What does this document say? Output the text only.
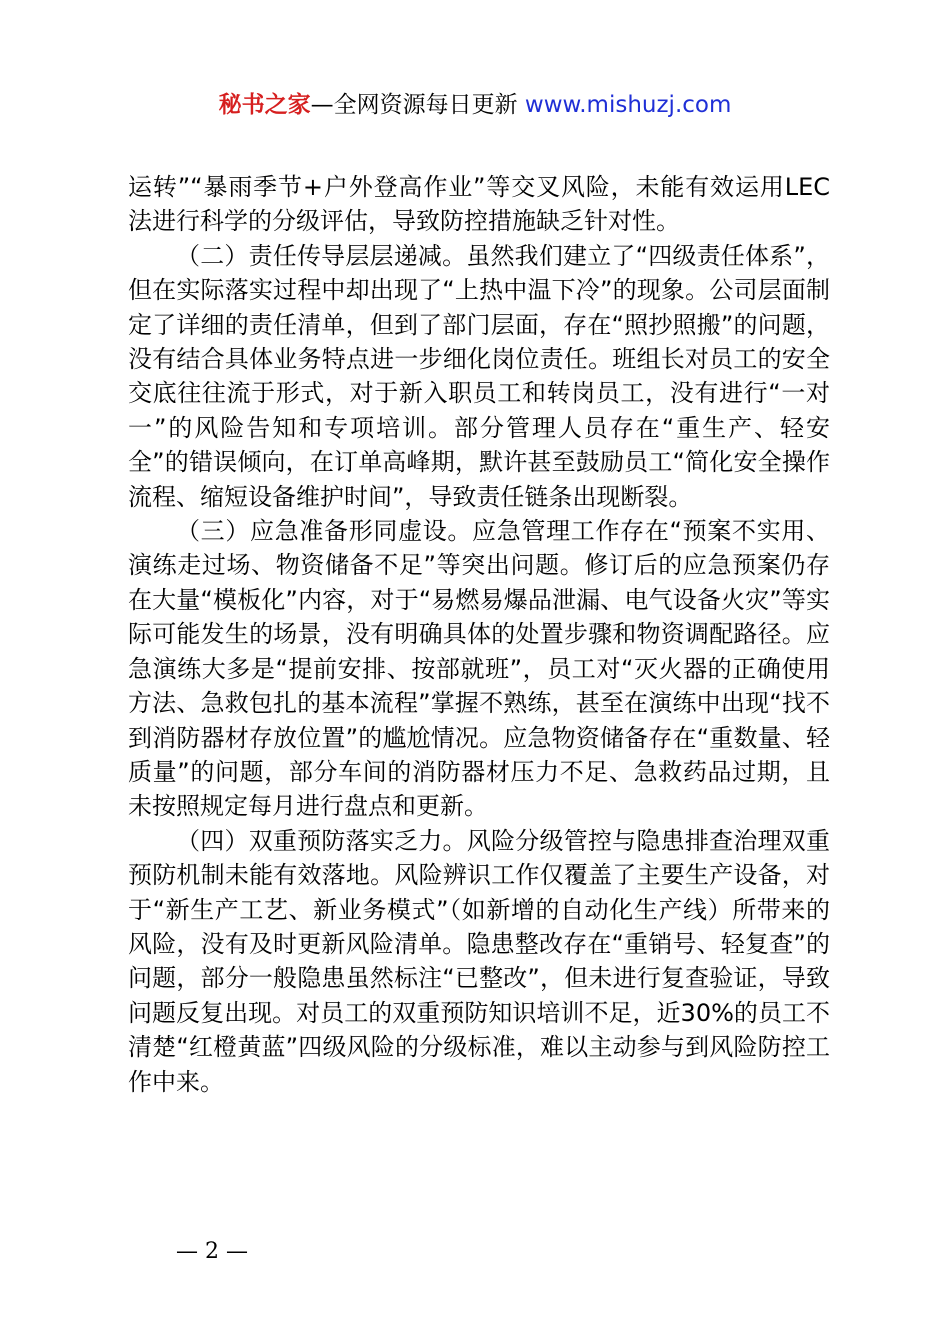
秘书之家—全网资源每日更新 www.mishuzj.com

运转”“暴雨季节+户外登高作业”等交叉风险，未能有效运用LEC法进行科学的分级评估，导致防控措施缺乏针对性。

（二）责任传导层层递减。虽然我们建立了“四级责任体系”，但在实际落实过程中却出现了“上热中温下冷”的现象。公司层面制定了详细的责任清单，但到了部门层面，存在“照抄照搬”的问题，没有结合具体业务特点进一步细化岗位责任。班组长对员工的安全交底往往流于形式，对于新入职员工和转岗员工，没有进行“一对一”的风险告知和专项培训。部分管理人员存在“重生产、轻安全”的错误倾向，在订单高峰期，默许甚至鼓励员工“简化安全操作流程、缩短设备维护时间”，导致责任链条出现断裂。

（三）应急准备形同虚设。应急管理工作存在“预案不实用、演练走过场、物资储备不足”等突出问题。修订后的应急预案仍存在大量“模板化”内容，对于“易燃易爆品泄漏、电气设备火灾”等实际可能发生的场景，没有明确具体的处置步骤和物资调配路径。应急演练大多是“提前安排、按部就班”，员工对“灭火器的正确使用方法、急救包扎的基本流程”掌握不熟练，甚至在演练中出现“找不到消防器材存放位置”的尴尬情况。应急物资储备存在“重数量、轻质量”的问题，部分车间的消防器材压力不足、急救药品过期，且未按照规定每月进行盘点和更新。

（四）双重预防落实乏力。风险分级管控与隐患排查治理双重预防机制未能有效落地。风险辨识工作仅覆盖了主要生产设备，对于“新生产工艺、新业务模式”（如新增的自动化生产线）所带来的风险，没有及时更新风险清单。隐患整改存在“重销号、轻复查”的问题，部分一般隐患虽然标注“已整改”，但未进行复查验证，导致问题反复出现。对员工的双重预防知识培训不足，近30%的员工不清楚“红橙黄蓝”四级风险的分级标准，难以主动参与到风险防控工作中来。

— 2 —
